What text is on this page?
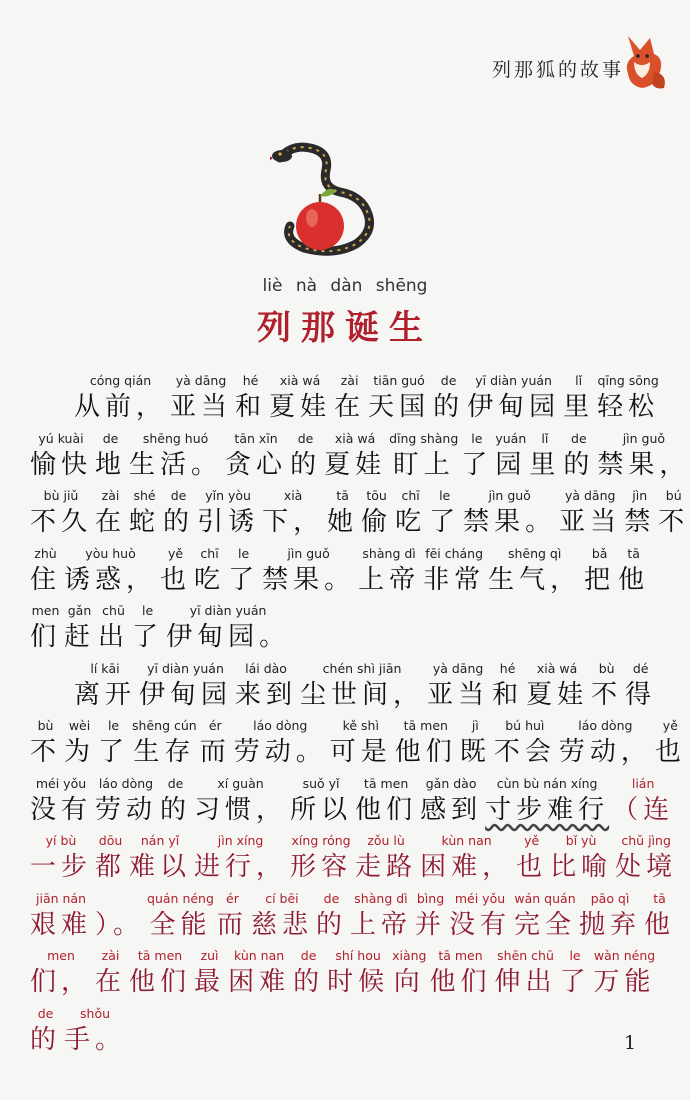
列那狐的故事
liè nà dàn shēng
列那诞生
cóng qián
从前，
yà dāng
亚当
hé
和
xià wá
夏娃
zài
在
tiān guó
天国
de
的
yī diàn yuán
伊甸园
lǐ
里
qīng sōng
轻松
yú kuài
愉快
de
地
shēng huó
生活。
tān xīn
贪心
de
的
xià wá
夏娃
dīng shàng
盯上
le
了
yuán
园
lǐ
里
de
的
jìn guǒ
禁果，
bù jiǔ
不久
zài
在
shé
蛇
de
的
yǐn yòu
引诱
xià
下，
tā
她
tōu
偷
chī
吃
le
了
jìn guǒ
禁果。
yà dāng
亚当
jìn
禁
bú
不
zhù
住
yòu huò
诱惑，
yě
也
chī
吃
le
了
jìn guǒ
禁果。
shàng dì
上帝
fēi cháng
非常
shēng qì
生气，
bǎ
把
tā
他
men
们
gǎn
赶
chū
出
le
了
yī diàn yuán
伊甸园。
lí kāi
离开
yī diàn yuán
伊甸园
lái dào
来到
chén shì jiān
尘世间，
yà dāng
亚当
hé
和
xià wá
夏娃
bù
不
dé
得
bù
不
wèi
为
le
了
shēng cún
生存
ér
而
láo dòng
劳动。
kě shì
可是
tā men
他们
jì
既
bú huì
不会
láo dòng
劳动，
yě
也
méi yǒu
没有
láo dòng
劳动
de
的
xí guàn
习惯，
suǒ yǐ
所以
tā men
他们
gǎn dào
感到
cùn bù nán xíng
寸步难行
lián
（连
yí bù
一步
dōu
都
nán yǐ
难以
jìn xíng
进行，
xíng róng
形容
zǒu lù
走路
kùn nan
困难，
yě
也
bǐ yù
比喻
chǔ jìng
处境
jiān nán
艰难 ）。
quán néng
全能
ér
而
cí bēi
慈悲
de
的
shàng dì
上帝
bìng
并
méi yǒu
没有
wán quán
完全
pāo qì
抛弃
tā
他
men
们，
zài
在
tā men
他们
zuì
最
kùn nan
困难
de
的
shí hou
时候
xiàng
向
tā men
他们
shēn chū
伸出
le
了
wàn néng
万能
de
的
shǒu
手。	1
